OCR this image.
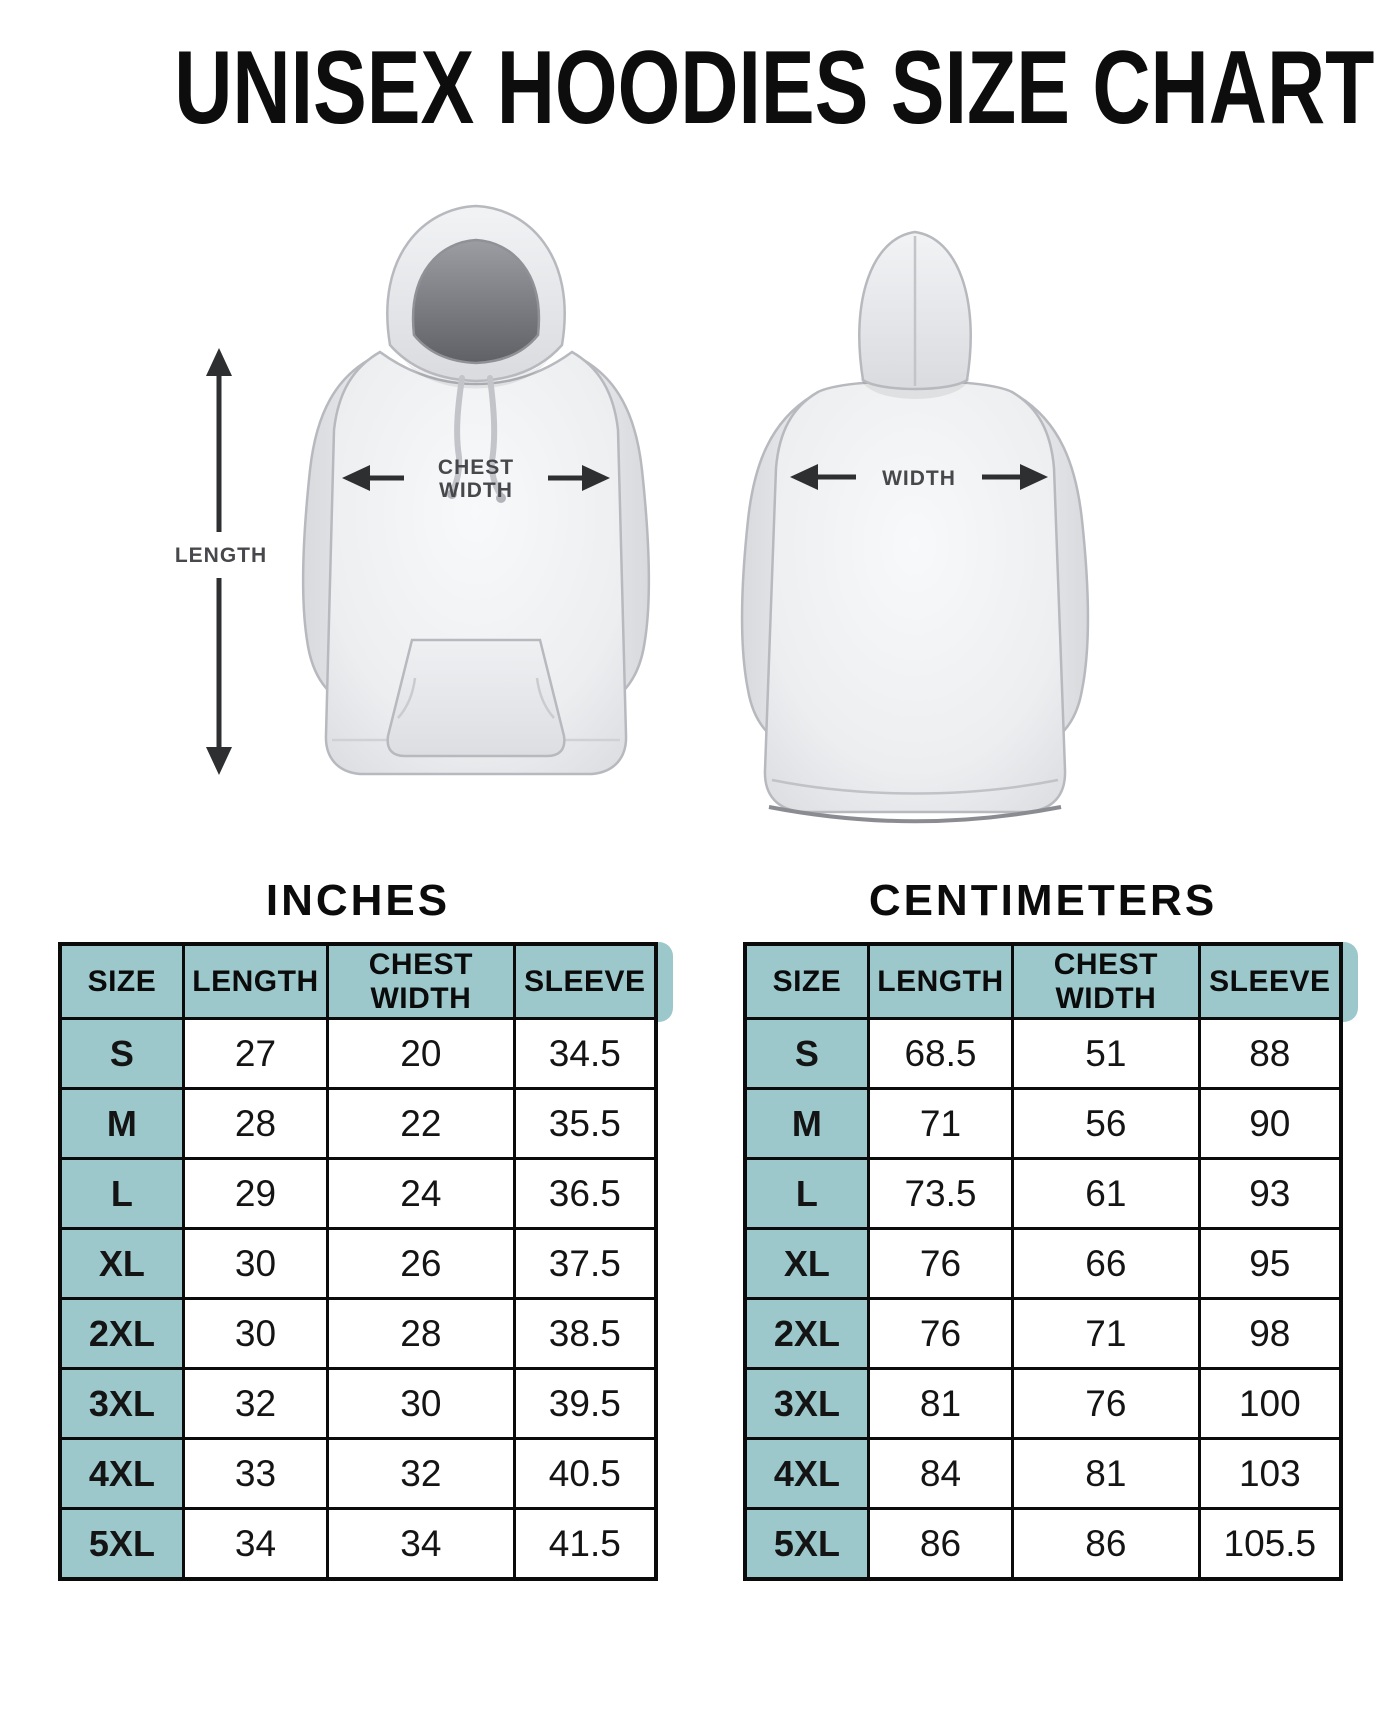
UNISEX HOODIES SIZE CHART
LENGTH
CHEST
WIDTH
WIDTH
INCHES
SIZE	LENGTH	CHEST WIDTH	SLEEVE
S	27	20	34.5
M	28	22	35.5
L	29	24	36.5
XL	30	26	37.5
2XL	30	28	38.5
3XL	32	30	39.5
4XL	33	32	40.5
5XL	34	34	41.5
CENTIMETERS
SIZE	LENGTH	CHEST WIDTH	SLEEVE
S	68.5	51	88
M	71	56	90
L	73.5	61	93
XL	76	66	95
2XL	76	71	98
3XL	81	76	100
4XL	84	81	103
5XL	86	86	105.5
